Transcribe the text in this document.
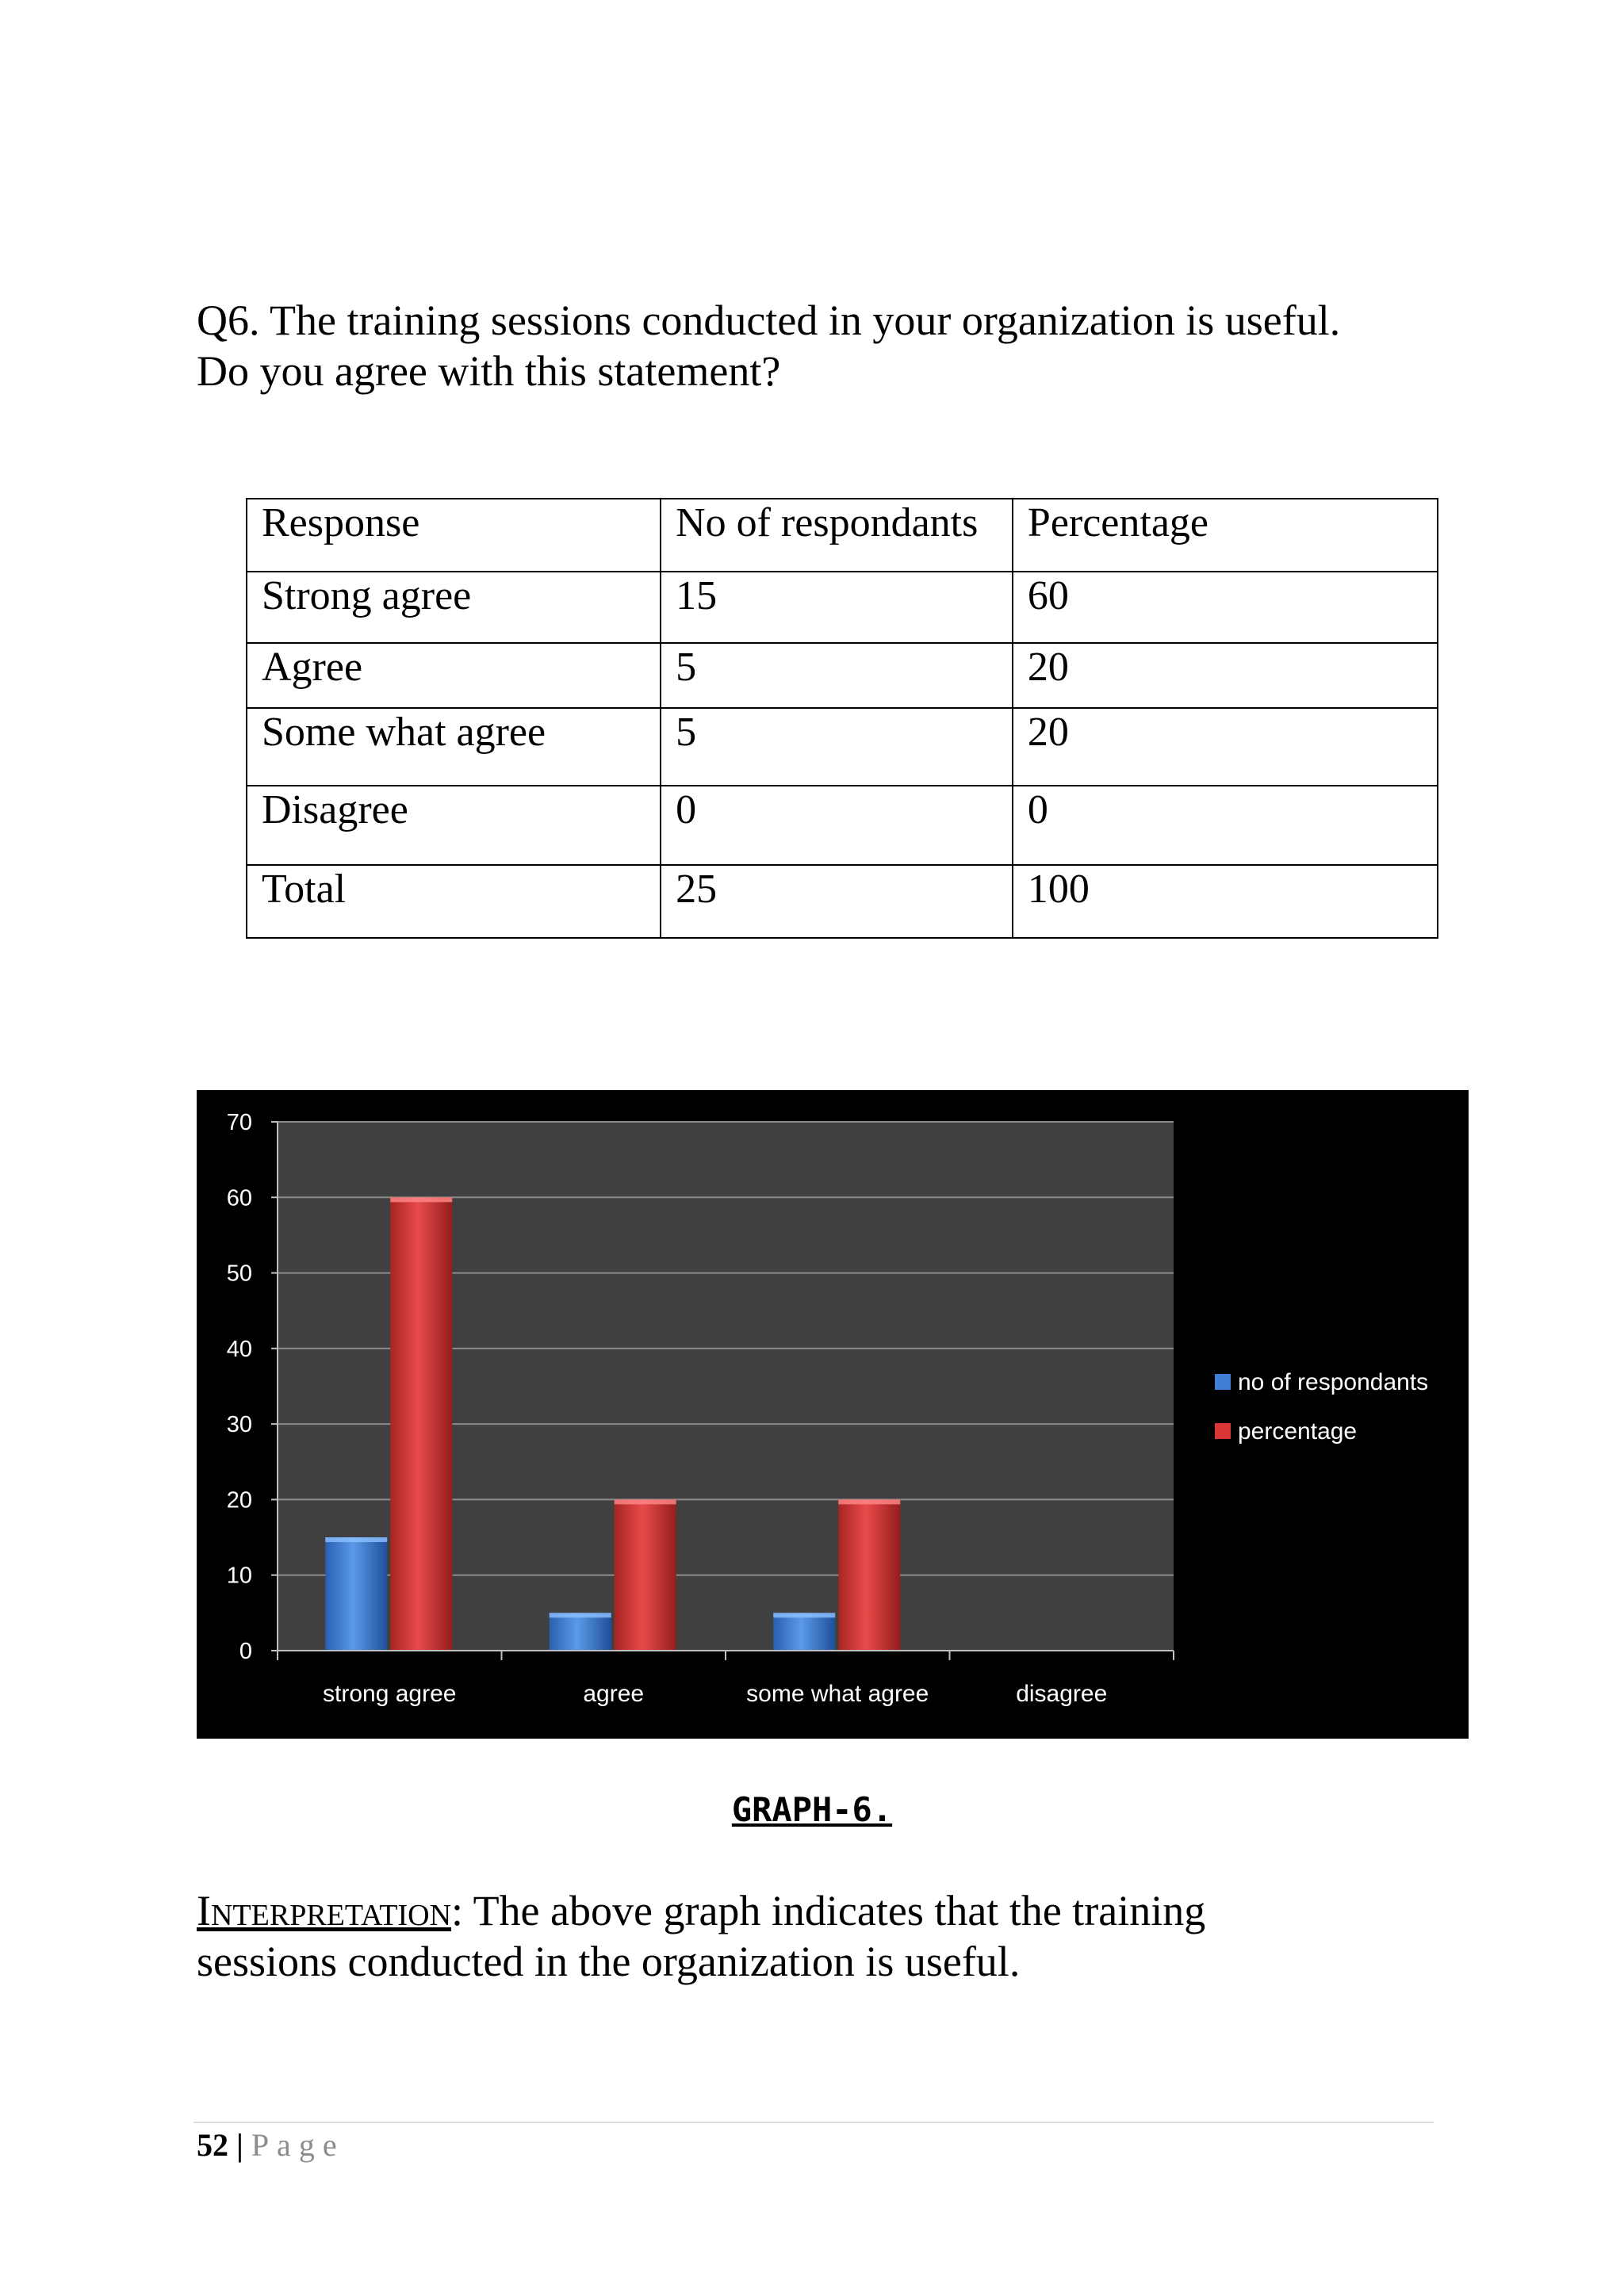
Q6. The training sessions conducted in your organization is useful.
Do you agree with this statement?
Response	No of respondants	Percentage
Strong agree	15	60
Agree	5	20
Some what agree	5	20
Disagree	0	0
Total	25	100
0
10
20
30
40
50
60
70
strong agree	agree	some what agree	disagree
no of respondants
percentage
GRAPH-6.
Interpretation: The above graph indicates that the training
sessions conducted in the organization is useful.
52 | Page
